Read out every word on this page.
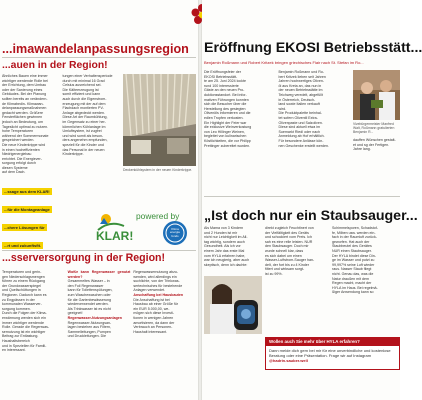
...imawandelanpassungsregion
...auen in der Region!
Ähnliches Bauen eine immer
wichtiger werdende Rolle bei
der Errichtung, dem Umbau
oder der Sanierung eines
Gebäudes. Bei der Planung
sollten bereits an verändern-
de Klimabedin- Klimawan-
delanpassungsmaßnahmen
gedacht werden. Größere
Fensterflächen gewinnen
jedoch an Bedeutung, um
Tageslicht optimal zu nutzen.
hohe Temperaturen
während der Sommermonate
gespeichert werden.
Die neue Kinderkrippe wird
in einen hocheffizienten
Niedrigenergiebau
errichtet. Die Energiever-
sorgung erfolgt durch
diesen Systeme
auf dem Dach.
tungen einer Verhaltensperiode
durch mit minimal 16 Grad
Celsius ausreichend sei.
Die Kälteerzeugung ist
somit effizient und kann
auch durch die Eigenstrom-
erzeugung mit der auf dem
Flachdach montierten PV-
Anlage abgedeckt werden.
Diese Art der Raumkühlung,
im Gegensatz zu einer her-
kömmlichen Kühlanlage im
Umluftsystem, ist zugfrei
und wird somit als beson-
ders angenehm empfunden,
speziell für die Kinder und
das Personal in der neuen
Kinderkrippe.
Deckenkühlsystem in der neuen Kinderkrippe.
...ssage aus dem KLAR!
...für die Montageanlage
...chere Lösungen für
...rt und zukunftsfit.
KLAR!
powered by
Klima energie fonds
...sserversorgung in der Region!
Temperaturen und gerin-
gen Niederschlagsmengen
führen zu einem Rückgang
der Grundwasserspiegel
und Quellschüttungen in
Regionen. Dadurch kann es
zu Engpässen in der
kommunalen Wasserver-
sorgung kommen.
Durch die Folgen der Klima-
erwärmung werden sich ein
immer wichtiger werdende
Rolle. Gerade die Regenwas-
sernutzung ist ein wichtiger
Beitrag zur Entlastung.
Haushaltsbereich
und in Speziellen für Famili-
en interessant.
Wofür kann Regenwasser genutzt werden?
Gesammeltes Wasser – in
den Foil Regenwasser
kann für Toilettenspülungen,
zum Waschewaschen oder
für die Gartenbewässerung
wiederverwendet werden.
Als Trinkwasser ist es nicht
geeignet!
Regenwasser-Nutzungsanlagen
Regenwasser-Nutzungsan-
lagen bestehen aus Filtern,
Sammelleitungen, Pumpen
und Druckleitungen. Die
Regenwassernutzung abzu-
wenden, wird allerdings ein
suchlichte, von der Trinkwas-
sertechnisches für bestehende
Anlagen verwendet.
Anschaffung bei Hausbauten
Die Anschaffung ist bei
Hausbau ab einer Größe für
ein EUR 5.000,00, we-
mögen sich diese Investi-
tionen in wenigen Jahren
amortisieren, da dann der
Verbrauch an Personen-
Haushalt interessant.
Eröffnung EKOSI Betriebsstätt...
Benjamin Roßmann und Robert Kritzek bringen griechisches Flair nach St. Stefan im Ro...
Die Eröffnungsfeier der
EKOSI Betriebsstätt-
te am 25. Juni 2024 lockte
rund 100 interessierte
Gäste an den neuen Pro-
duktionsstandort. Bei infor-
mativen Führungen konnten
sich die Besucher über die
Herstellung des gesiegten
Olivenöls informieren und die
edlen Tropfen verkosten.
Ein Highlight der Feier war
die exklusive Weinverkostung
von Leo Hillinger Weinen,
begleitet von kulinarischen
Köstlichkeiten, die vor Philipp
Prettinger zubereitet wurden.
Benjamin Roßmann und Ro-
bert Kritzek lieben seit Jahren
Jahren hochwertiges Oliven-
öl aus Kreta an, das nun in
der neuen Betriebsstätte im
Teichweg veredelt, abgefüllt
in Österreich, Deutsch-
land sowie Italien verkauft
wird.
Die Produktpalette beinhal-
tet sofern Oliventil Extra-
Olivenpaste und Salzoliven.
Diese sind aktuell etwa im
Suemarkt Riedl oder nach
Anmeldung ab Hof erhältlich.
Für besondere Anlässe kön-
nen Geschenke erstellt werden.
Vizebürgermeister Manfred Walt, Roßmann gratulierten Benjamin R...
dauffen Wünschen gestalt-
et und sg der Fertigen.
Jahre lang.
„Ist doch nur ein Staubsauger...
Als Mama von 3 Kindern
und 2 Hunden ist mir
nicht nur Leichtigkeit im All-
tag wichtig, sondern auch
Gesundheit. Als ich vor
einem Jahr das erste Mal
vom HYLA erfahren habe,
war ich neugierig, aber auch
skeptisch, denn ich dachte:
direkt zugleich Feuchtinert von
der Vielfältigkeit des Geräts
und schockiert vom Preis. Ich
sah es eine relle leisten. NUR
den Staubsauger. Doch mir
wurde schnell klar, dass
es sich dabei um einen
Wasser-Luftstrom-Sauger han-
delt, der fort bis zu 4 Kinder
filtert und wirksam sorgt-
ist zu 99%.
Schimmelsporen, Schadstof-
fe, Milben usw. werden ein-
fach in der Raumluft zurück-
geworfen. Hat auch der
Staubbeutel des Gerätes
NUR einen Staubsauger.
Der HYLA bindet diese Din-
ge im Wasser und putzt zu
99,997% seine Luft wieder
raus. Nasser Staub fliegt
nicht. Genau das, was die
Natur draußen mit dem
Regen macht, macht der
HYLA im Haus. Bei regelmä-
ßiger Anwendung kann so
Wollen auch Sie mehr über HYLA erfahren?
Dann melde dich gern bei mir für eine unverbindliche und kostenlose Beratung oder eine Präsentation. Frage wir auf Instagram @hadrin.sauber.well
